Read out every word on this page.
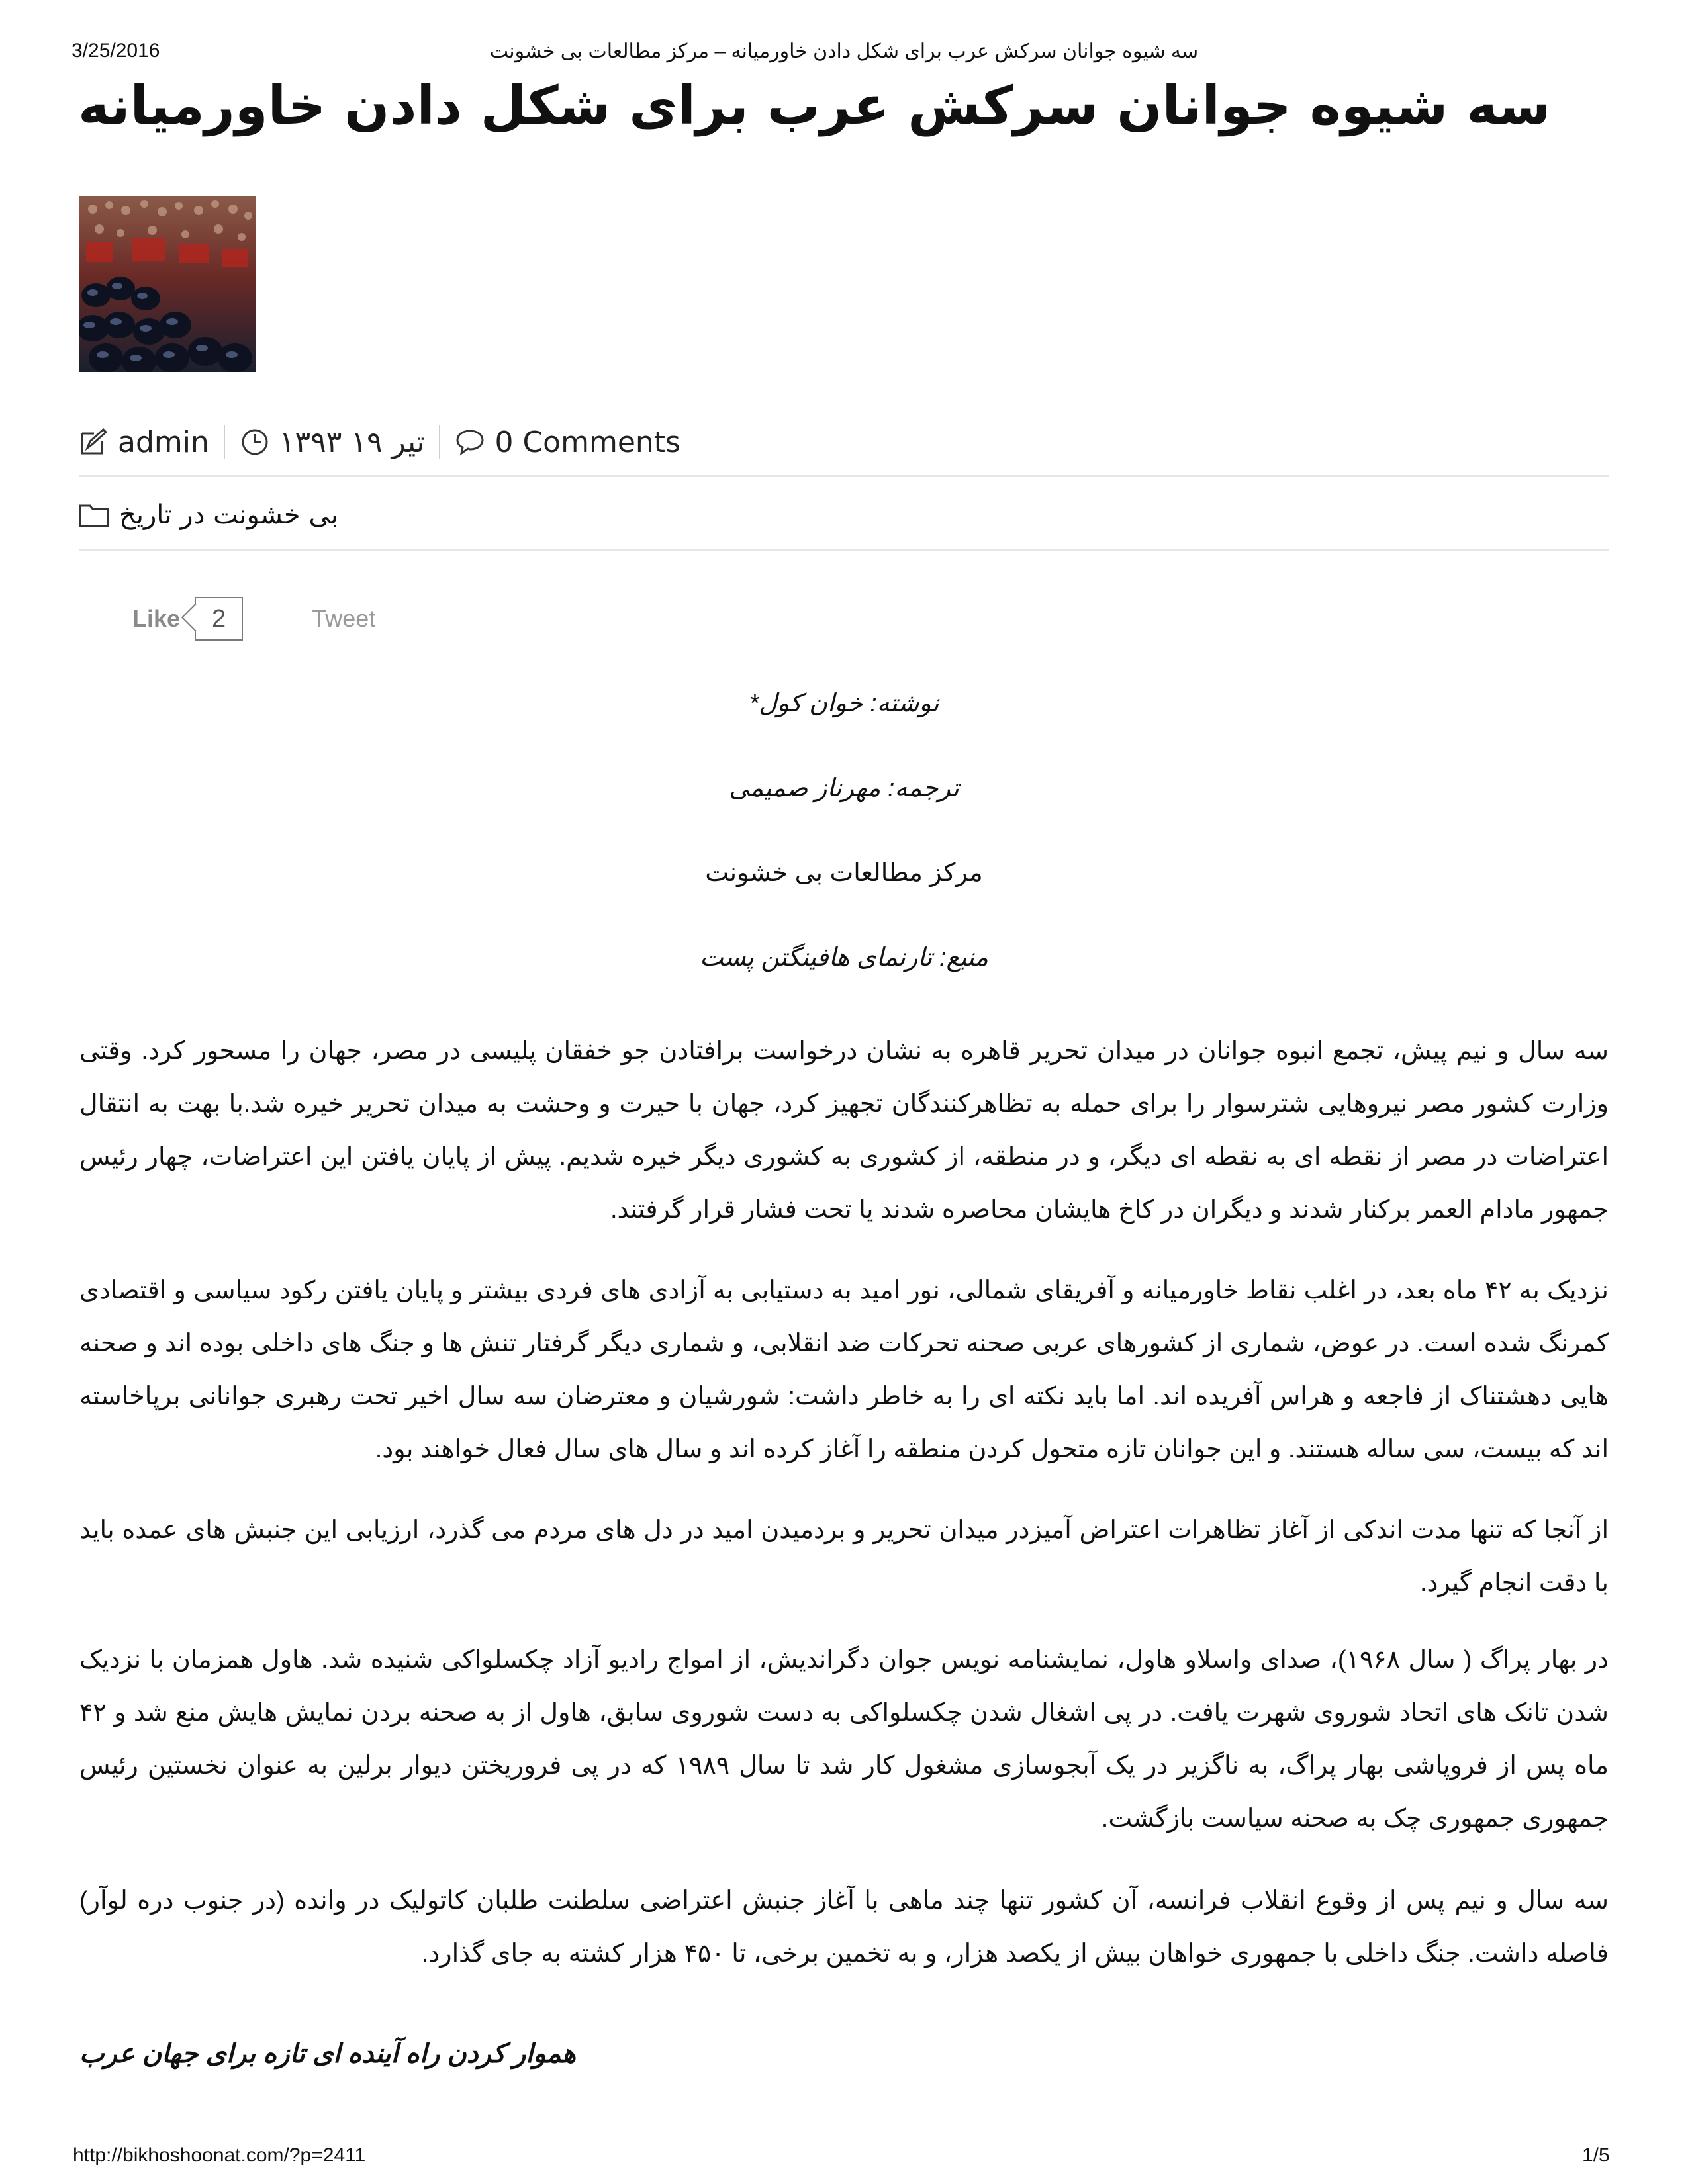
3/25/2016	سه شیوه جوانان سرکش عرب برای شکل دادن خاورمیانه – مرکز مطالعات بی خشونت
سه شیوه جوانان سرکش عرب برای شکل دادن خاورمیانه
admin تیر ۱۹ ۱۳۹۳ 0 Comments
بی خشونت در تاریخ
Like	2	Tweet
نوشته: خوان کول*
ترجمه: مهرناز صمیمی
مرکز مطالعات بی خشونت
منبع: تارنمای هافینگتن پست

سه سال و نیم پیش، تجمع انبوه جوانان در میدان تحریر قاهره به نشان درخواست برافتادن جو خفقان پلیسی در مصر، جهان را مسحور کرد. وقتی وزارت کشور مصر نیروهایی شترسوار را برای حمله به تظاهرکنندگان تجهیز کرد، جهان با حیرت و وحشت به میدان تحریر خیره شد.با بهت به انتقال اعتراضات در مصر از نقطه ای به نقطه ای دیگر، و در منطقه، از کشوری به کشوری دیگر خیره شدیم. پیش از پایان یافتن این اعتراضات، چهار رئیس جمهور مادام العمر برکنار شدند و دیگران در کاخ هایشان محاصره شدند یا تحت فشار قرار گرفتند.

نزدیک به ۴۲ ماه بعد، در اغلب نقاط خاورمیانه و آفریقای شمالی، نور امید به دستیابی به آزادی های فردی بیشتر و پایان یافتن رکود سیاسی و اقتصادی کمرنگ شده است. در عوض، شماری از کشورهای عربی صحنه تحرکات ضد انقلابی، و شماری دیگر گرفتار تنش ها و جنگ های داخلی بوده اند و صحنه هایی دهشتناک از فاجعه و هراس آفریده اند. اما باید نکته ای را به خاطر داشت: شورشیان و معترضان سه سال اخیر تحت رهبری جوانانی برپاخاسته اند که بیست، سی ساله هستند. و این جوانان تازه متحول کردن منطقه را آغاز کرده اند و سال های سال فعال خواهند بود.

از آنجا که تنها مدت اندکی از آغاز تظاهرات اعتراض آمیزدر میدان تحریر و بردمیدن امید در دل های مردم می گذرد، ارزیابی این جنبش های عمده باید با دقت انجام گیرد.

در بهار پراگ ( سال ۱۹۶۸)، صدای واسلاو هاول، نمایشنامه نویس جوان دگراندیش، از امواج رادیو آزاد چکسلواکی شنیده شد. هاول همزمان با نزدیک شدن تانک های اتحاد شوروی شهرت یافت. در پی اشغال شدن چکسلواکی به دست شوروی سابق، هاول از به صحنه بردن نمایش هایش منع شد و ۴۲ ماه پس از فروپاشی بهار پراگ، به ناگزیر در یک آبجوسازی مشغول کار شد تا سال ۱۹۸۹ که در پی فروریختن دیوار برلین به عنوان نخستین رئیس جمهوری جمهوری چک به صحنه سیاست بازگشت.

سه سال و نیم پس از وقوع انقلاب فرانسه، آن کشور تنها چند ماهی با آغاز جنبش اعتراضی سلطنت طلبان کاتولیک در وانده (در جنوب دره لوآر) فاصله داشت. جنگ داخلی با جمهوری خواهان بیش از یکصد هزار، و به تخمین برخی، تا ۴۵۰ هزار کشته به جای گذارد.

هموار کردن راه آینده ای تازه برای جهان عرب
http://bikhoshoonat.com/?p=2411	1/5
